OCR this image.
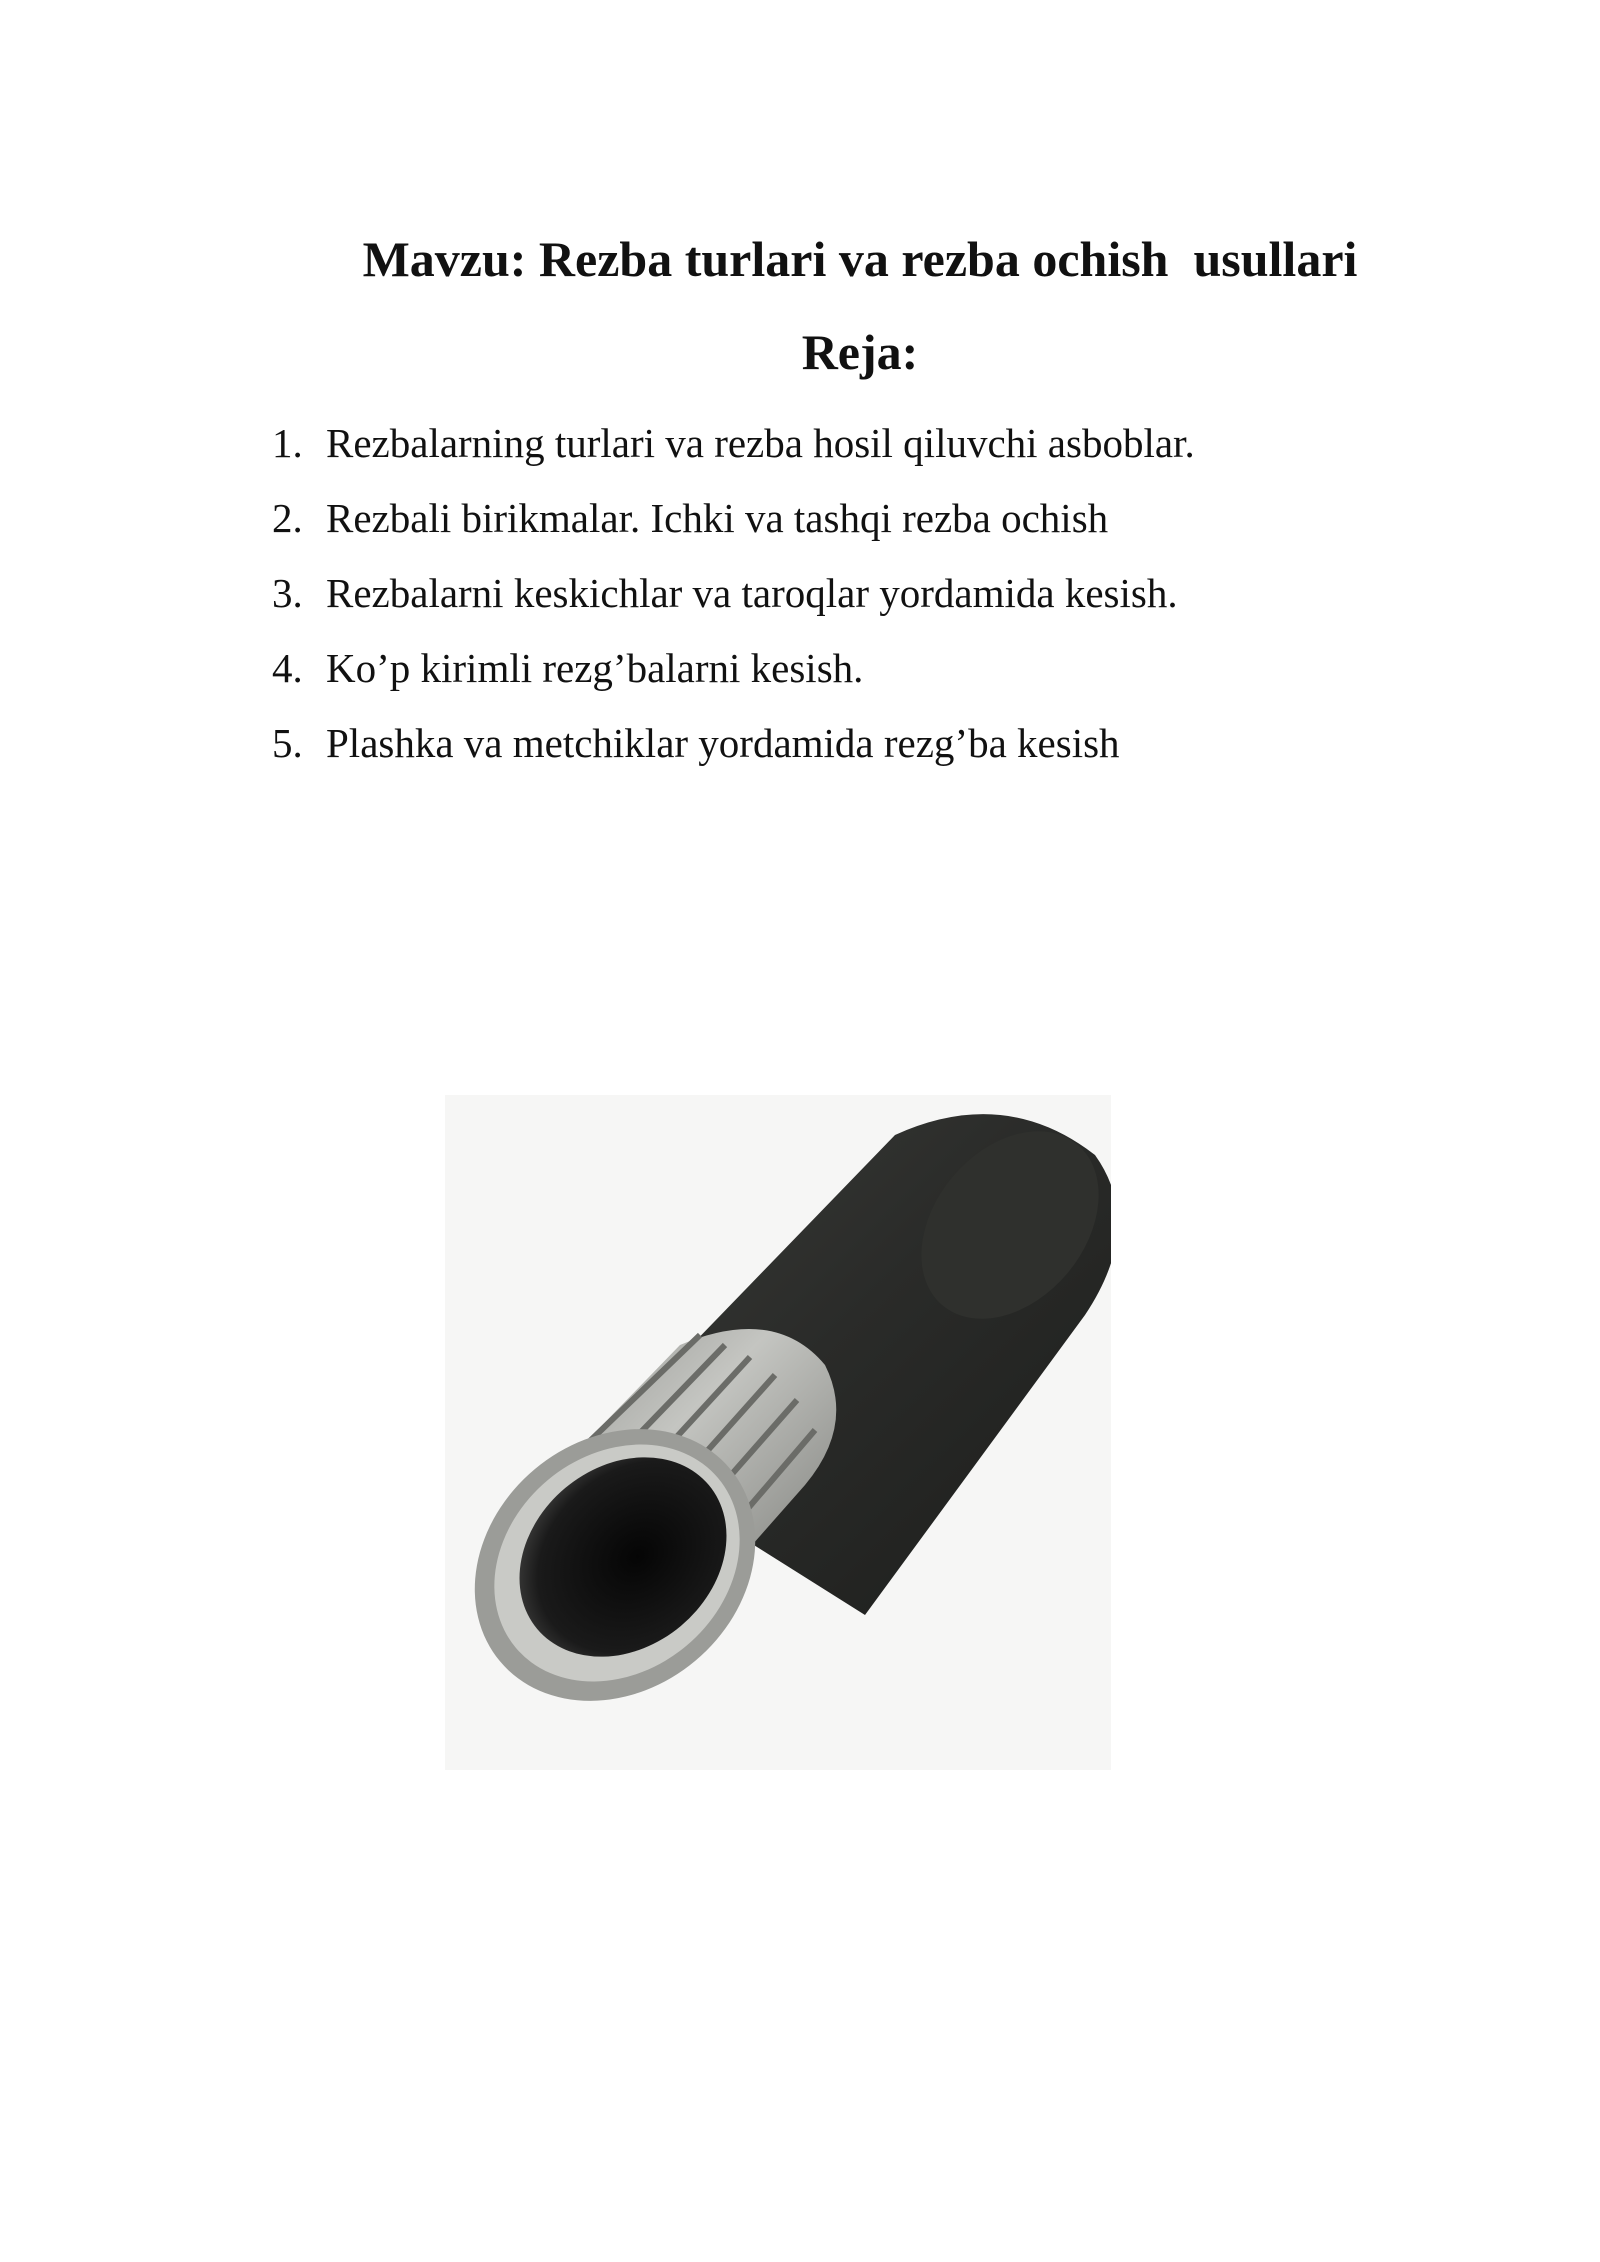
Mavzu: Rezba turlari va rezba ochish  usullari
Reja:
1. Rezbalarning turlari va rezba hosil qiluvchi asboblar.
2. Rezbali birikmalar. Ichki va tashqi rezba ochish
3. Rezbalarni keskichlar va taroqlar yordamida kesish.
4. Ko’p kirimli rezg’balarni kesish.
5. Plashka va metchiklar yordamida rezg’ba kesish
